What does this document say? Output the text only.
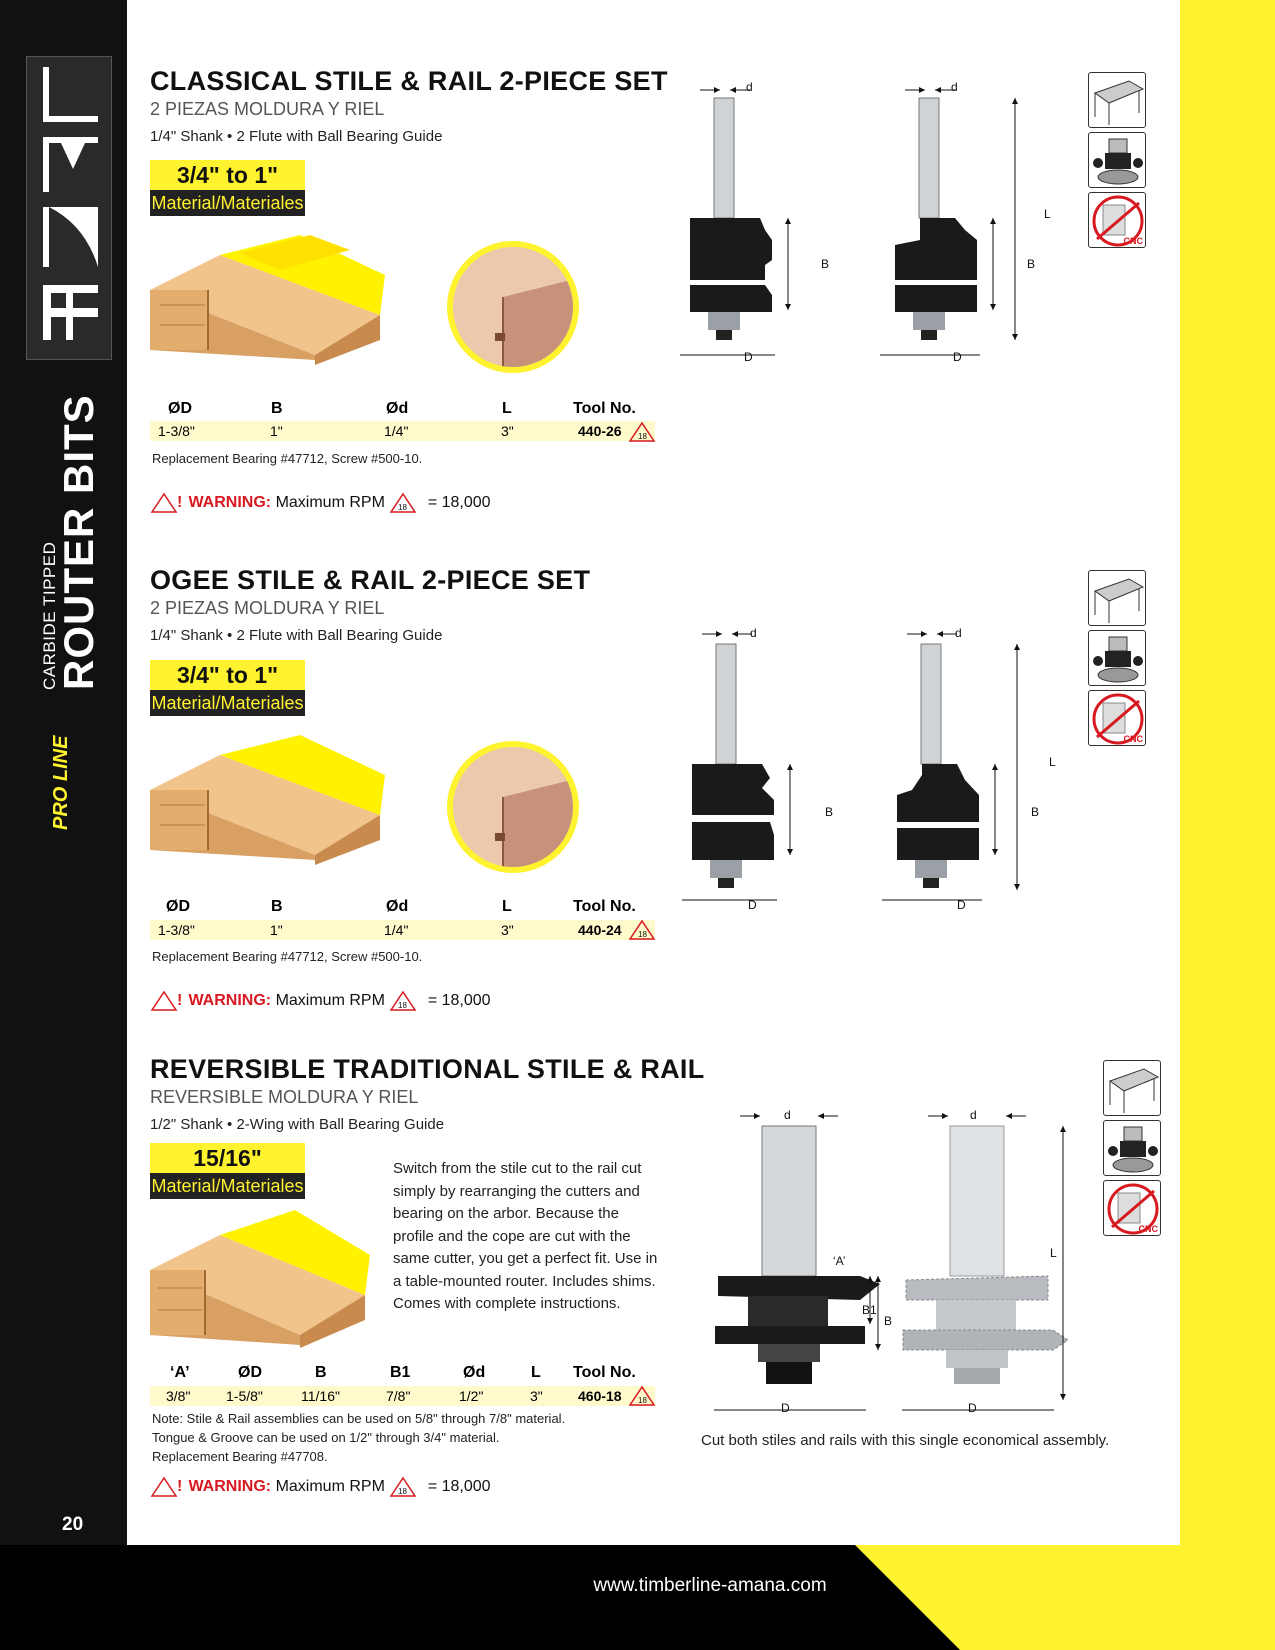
CARBIDE TIPPED
ROUTER BITS
PRO LINE
20
www.timberline-amana.com
CLASSICAL STILE & RAIL 2-PIECE SET
2 PIEZAS MOLDURA Y RIEL
1/4" Shank • 2 Flute with Ball Bearing Guide
3/4" to 1"
Material/Materiales
d	d
B	B
L
D	D
CNC
ØD	B	Ød	L	Tool No.
1-3/8"	1"	1/4"	3"	440-26 18
Replacement Bearing #47712, Screw #500-10.
! WARNING: Maximum RPM 18 = 18,000
OGEE STILE & RAIL 2-PIECE SET
2 PIEZAS MOLDURA Y RIEL
1/4" Shank • 2 Flute with Ball Bearing Guide
3/4" to 1"
Material/Materiales
d	d
B	B
L
D	D
CNC
ØD	B	Ød	L	Tool No.
1-3/8"	1"	1/4"	3"	440-24 18
Replacement Bearing #47712, Screw #500-10.
! WARNING: Maximum RPM 18 = 18,000
REVERSIBLE TRADITIONAL STILE & RAIL
REVERSIBLE MOLDURA Y RIEL
1/2" Shank • 2-Wing with Ball Bearing Guide
15/16"
Material/Materiales
Switch from the stile cut to the rail cut simply by rearranging the cutters and bearing on the arbor. Because the profile and the cope are cut with the same cutter, you get a perfect fit. Use in a table-mounted router. Includes shims. Comes with complete instructions.
d	d
‘A’
B1
B
L
D	D
CNC
‘A’	ØD	B	B1	Ød	L Tool No.
3/8"	1-5/8"	11/16"	7/8"	1/2"	3"	460-18 18
Note: Stile & Rail assemblies can be used on 5/8" through 7/8" material.
Tongue & Groove can be used on 1/2" through 3/4" material.
Replacement Bearing #47708.
Cut both stiles and rails with this single economical assembly.
! WARNING: Maximum RPM 18 = 18,000
